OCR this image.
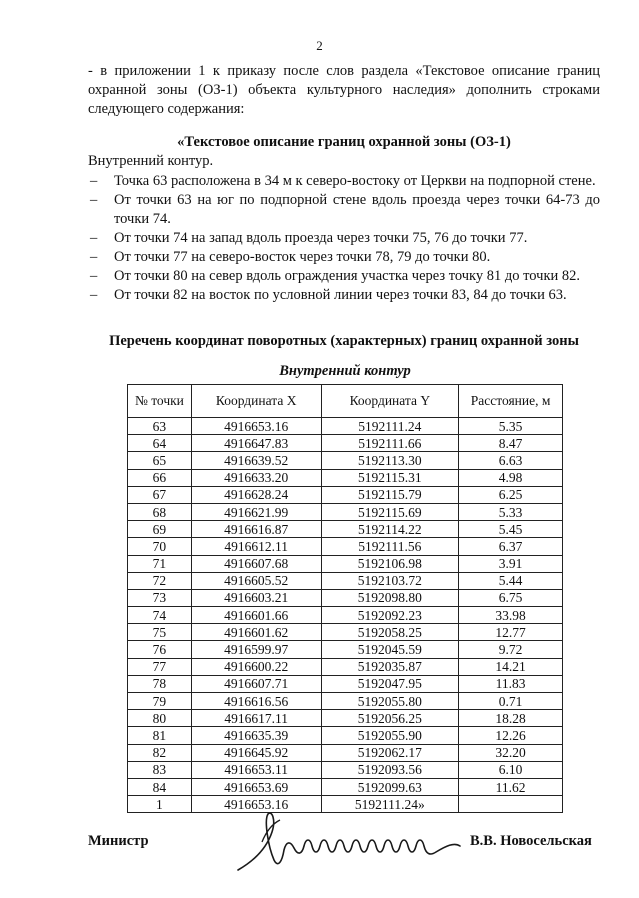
2
- в приложении 1 к приказу после слов раздела «Текстовое описание границ
охранной зоны (ОЗ-1) объекта культурного наследия» дополнить строками
следующего содержания:
«Текстовое описание границ охранной зоны (ОЗ-1)
Внутренний контур.
– Точка 63 расположена в 34 м к северо-востоку от Церкви на подпорной стене.
– От точки 63 на юг по подпорной стене вдоль проезда через точки 64-73 до точки 74.
– От точки 74 на запад вдоль проезда через точки 75, 76 до точки 77.
– От точки 77 на северо-восток через точки 78, 79 до точки 80.
– От точки 80 на север вдоль ограждения участка через точку 81 до точки 82.
– От точки 82 на восток по условной линии через точки 83, 84 до точки 63.
Перечень координат поворотных (характерных) границ охранной зоны
Внутренний контур
№ точки	Координата X	Координата Y	Расстояние, м
63	4916653.16	5192111.24	5.35
64	4916647.83	5192111.66	8.47
65	4916639.52	5192113.30	6.63
66	4916633.20	5192115.31	4.98
67	4916628.24	5192115.79	6.25
68	4916621.99	5192115.69	5.33
69	4916616.87	5192114.22	5.45
70	4916612.11	5192111.56	6.37
71	4916607.68	5192106.98	3.91
72	4916605.52	5192103.72	5.44
73	4916603.21	5192098.80	6.75
74	4916601.66	5192092.23	33.98
75	4916601.62	5192058.25	12.77
76	4916599.97	5192045.59	9.72
77	4916600.22	5192035.87	14.21
78	4916607.71	5192047.95	11.83
79	4916616.56	5192055.80	0.71
80	4916617.11	5192056.25	18.28
81	4916635.39	5192055.90	12.26
82	4916645.92	5192062.17	32.20
83	4916653.11	5192093.56	6.10
84	4916653.69	5192099.63	11.62
1	4916653.16	5192111.24»	
Министр	В.В. Новосельская
